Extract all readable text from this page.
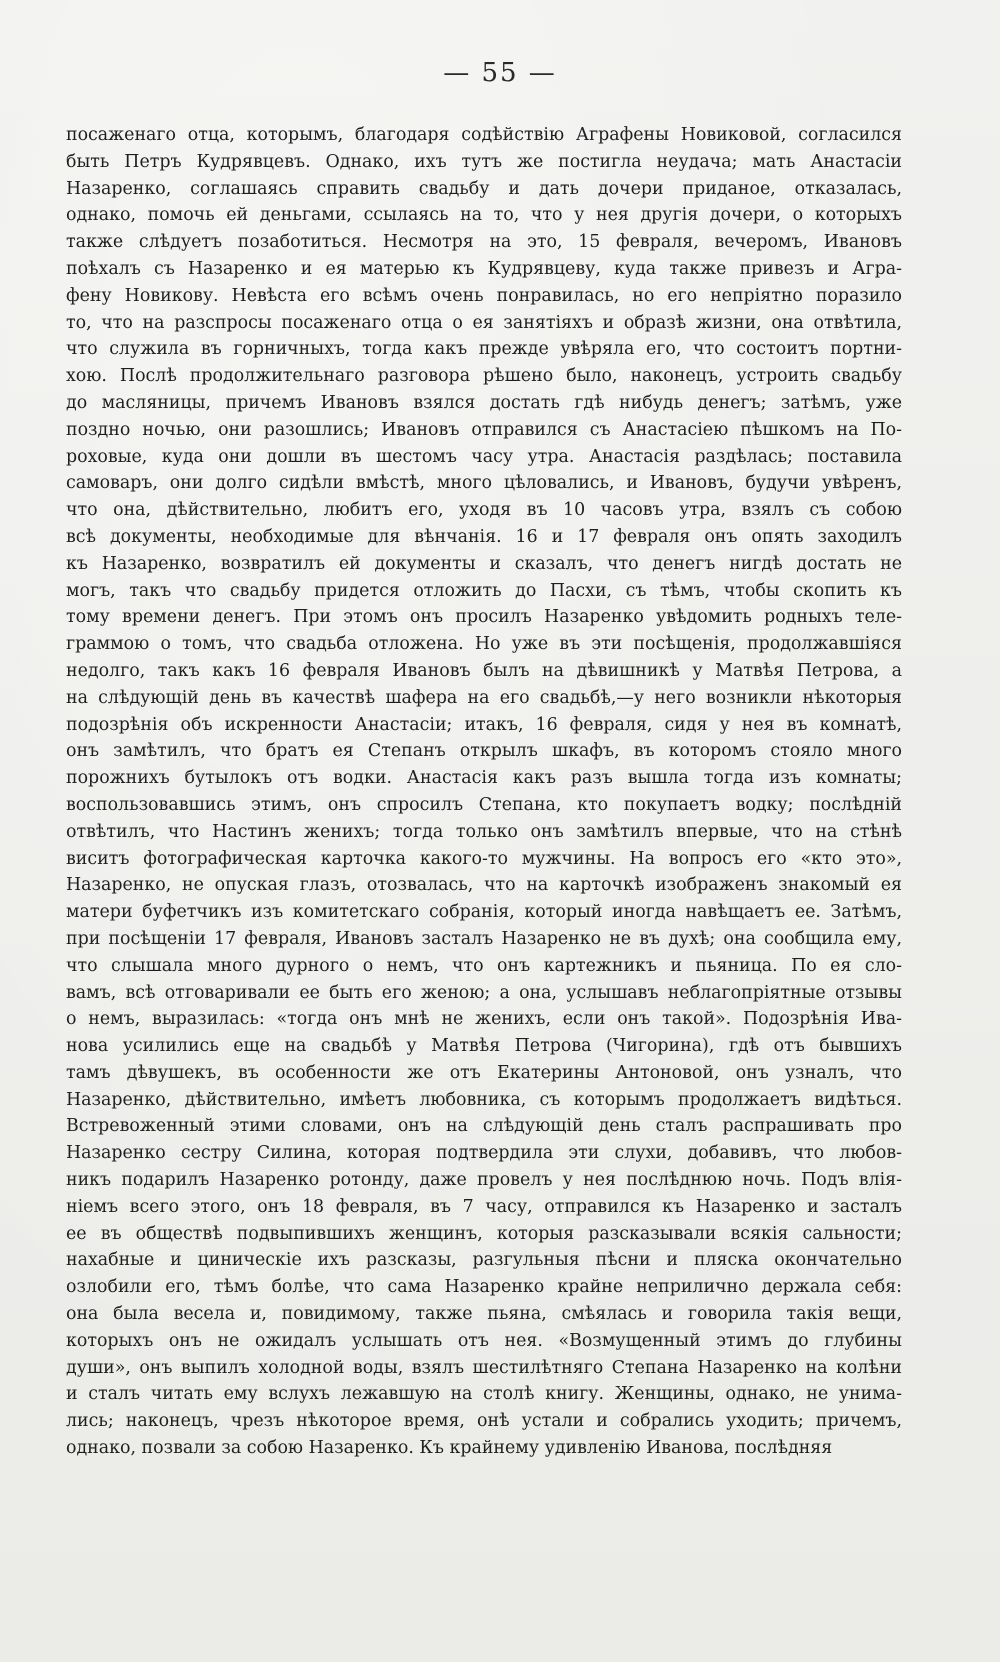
— 55 —
посаженаго отца, которымъ, благодаря содѣйствію Аграфены Новиковой, согласился
быть Петръ Кудрявцевъ. Однако, ихъ тутъ же постигла неудача; мать Анастасіи
Назаренко, соглашаясь справить свадьбу и дать дочери приданое, отказалась,
однако, помочь ей деньгами, ссылаясь на то, что у нея другія дочери, о которыхъ
также слѣдуетъ позаботиться. Несмотря на это, 15 февраля, вечеромъ, Ивановъ
поѣхалъ съ Назаренко и ея матерью къ Кудрявцеву, куда также привезъ и Агра-
фену Новикову. Невѣста его всѣмъ очень понравилась, но его непріятно поразило
то, что на разспросы посаженаго отца о ея занятіяхъ и образѣ жизни, она отвѣтила,
что служила въ горничныхъ, тогда какъ прежде увѣряла его, что состоитъ портни-
хою. Послѣ продолжительнаго разговора рѣшено было, наконецъ, устроить свадьбу
до масляницы, причемъ Ивановъ взялся достать гдѣ нибудь денегъ; затѣмъ, уже
поздно ночью, они разошлись; Ивановъ отправился съ Анастасіею пѣшкомъ на По-
роховые, куда они дошли въ шестомъ часу утра. Анастасія раздѣлась; поставила
самоваръ, они долго сидѣли вмѣстѣ, много цѣловались, и Ивановъ, будучи увѣренъ,
что она, дѣйствительно, любитъ его, уходя въ 10 часовъ утра, взялъ съ собою
всѣ документы, необходимые для вѣнчанія. 16 и 17 февраля онъ опять заходилъ
къ Назаренко, возвратилъ ей документы и сказалъ, что денегъ нигдѣ достать не
могъ, такъ что свадьбу придется отложить до Пасхи, съ тѣмъ, чтобы скопить къ
тому времени денегъ. При этомъ онъ просилъ Назаренко увѣдомить родныхъ теле-
граммою о томъ, что свадьба отложена. Но уже въ эти посѣщенія, продолжавшіяся
недолго, такъ какъ 16 февраля Ивановъ былъ на дѣвишникѣ у Матвѣя Петрова, а
на слѣдующій день въ качествѣ шафера на его свадьбѣ,—у него возникли нѣкоторыя
подозрѣнія объ искренности Анастасіи; итакъ, 16 февраля, сидя у нея въ комнатѣ,
онъ замѣтилъ, что братъ ея Степанъ открылъ шкафъ, въ которомъ стояло много
порожнихъ бутылокъ отъ водки. Анастасія какъ разъ вышла тогда изъ комнаты;
воспользовавшись этимъ, онъ спросилъ Степана, кто покупаетъ водку; послѣдній
отвѣтилъ, что Настинъ женихъ; тогда только онъ замѣтилъ впервые, что на стѣнѣ
виситъ фотографическая карточка какого-то мужчины. На вопросъ его «кто это»,
Назаренко, не опуская глазъ, отозвалась, что на карточкѣ изображенъ знакомый ея
матери буфетчикъ изъ комитетскаго собранія, который иногда навѣщаетъ ее. Затѣмъ,
при посѣщеніи 17 февраля, Ивановъ засталъ Назаренко не въ духѣ; она сообщила ему,
что слышала много дурного о немъ, что онъ картежникъ и пьяница. По ея сло-
вамъ, всѣ отговаривали ее быть его женою; а она, услышавъ неблагопріятные отзывы
о немъ, выразилась: «тогда онъ мнѣ не женихъ, если онъ такой». Подозрѣнія Ива-
нова усилились еще на свадьбѣ у Матвѣя Петрова (Чигорина), гдѣ отъ бывшихъ
тамъ дѣвушекъ, въ особенности же отъ Екатерины Антоновой, онъ узналъ, что
Назаренко, дѣйствительно, имѣетъ любовника, съ которымъ продолжаетъ видѣться.
Встревоженный этими словами, онъ на слѣдующій день сталъ распрашивать про
Назаренко сестру Силина, которая подтвердила эти слухи, добавивъ, что любов-
никъ подарилъ Назаренко ротонду, даже провелъ у нея послѣднюю ночь. Подъ влія-
ніемъ всего этого, онъ 18 февраля, въ 7 часу, отправился къ Назаренко и засталъ
ее въ обществѣ подвыпившихъ женщинъ, которыя разсказывали всякія сальности;
нахабные и циническіе ихъ разсказы, разгульныя пѣсни и пляска окончательно
озлобили его, тѣмъ болѣе, что сама Назаренко крайне неприлично держала себя:
она была весела и, повидимому, также пьяна, смѣялась и говорила такія вещи,
которыхъ онъ не ожидалъ услышать отъ нея. «Возмущенный этимъ до глубины
души», онъ выпилъ холодной воды, взялъ шестилѣтняго Степана Назаренко на колѣни
и сталъ читать ему вслухъ лежавшую на столѣ книгу. Женщины, однако, не унима-
лись; наконецъ, чрезъ нѣкоторое время, онѣ устали и собрались уходить; причемъ,
однако, позвали за собою Назаренко. Къ крайнему удивленію Иванова, послѣдняя
